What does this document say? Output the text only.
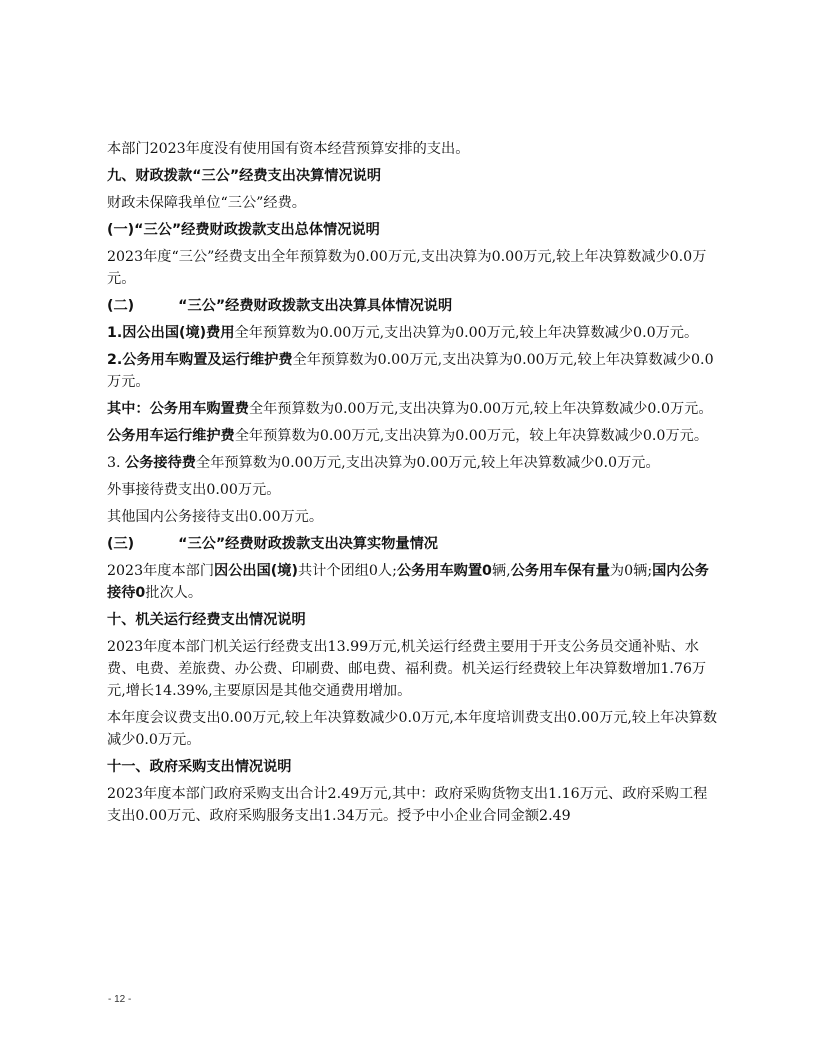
本部门2023年度没有使用国有资本经营预算安排的支出。

九、财政拨款“三公”经费支出决算情况说明

财政未保障我单位“三公”经费。

(一)“三公”经费财政拨款支出总体情况说明

2023年度“三公”经费支出全年预算数为0.00万元,支出决算为0.00万元,较上年决算数减少0.0万元。

(二)	“三公”经费财政拨款支出决算具体情况说明

1.因公出国(境)费用全年预算数为0.00万元,支出决算为0.00万元,较上年决算数减少0.0万元。

2.公务用车购置及运行维护费全年预算数为0.00万元,支出决算为0.00万元,较上年决算数减少0.0万元。

其中：公务用车购置费全年预算数为0.00万元,支出决算为0.00万元,较上年决算数减少0.0万元。

公务用车运行维护费全年预算数为0.00万元,支出决算为0.00万元，较上年决算数减少0.0万元。

3. 公务接待费全年预算数为0.00万元,支出决算为0.00万元,较上年决算数减少0.0万元。

外事接待费支出0.00万元。

其他国内公务接待支出0.00万元。

(三)	“三公”经费财政拨款支出决算实物量情况

2023年度本部门因公出国(境)共计个团组0人;公务用车购置0辆,公务用车保有量为0辆;国内公务接待0批次人。

十、机关运行经费支出情况说明

2023年度本部门机关运行经费支出13.99万元,机关运行经费主要用于开支公务员交通补贴、水费、电费、差旅费、办公费、印刷费、邮电费、福利费。机关运行经费较上年决算数增加1.76万元,增长14.39%,主要原因是其他交通费用增加。

本年度会议费支出0.00万元,较上年决算数减少0.0万元,本年度培训费支出0.00万元,较上年决算数减少0.0万元。

十一、政府采购支出情况说明

2023年度本部门政府采购支出合计2.49万元,其中：政府采购货物支出1.16万元、政府采购工程支出0.00万元、政府采购服务支出1.34万元。授予中小企业合同金额2.49

- 12 -
